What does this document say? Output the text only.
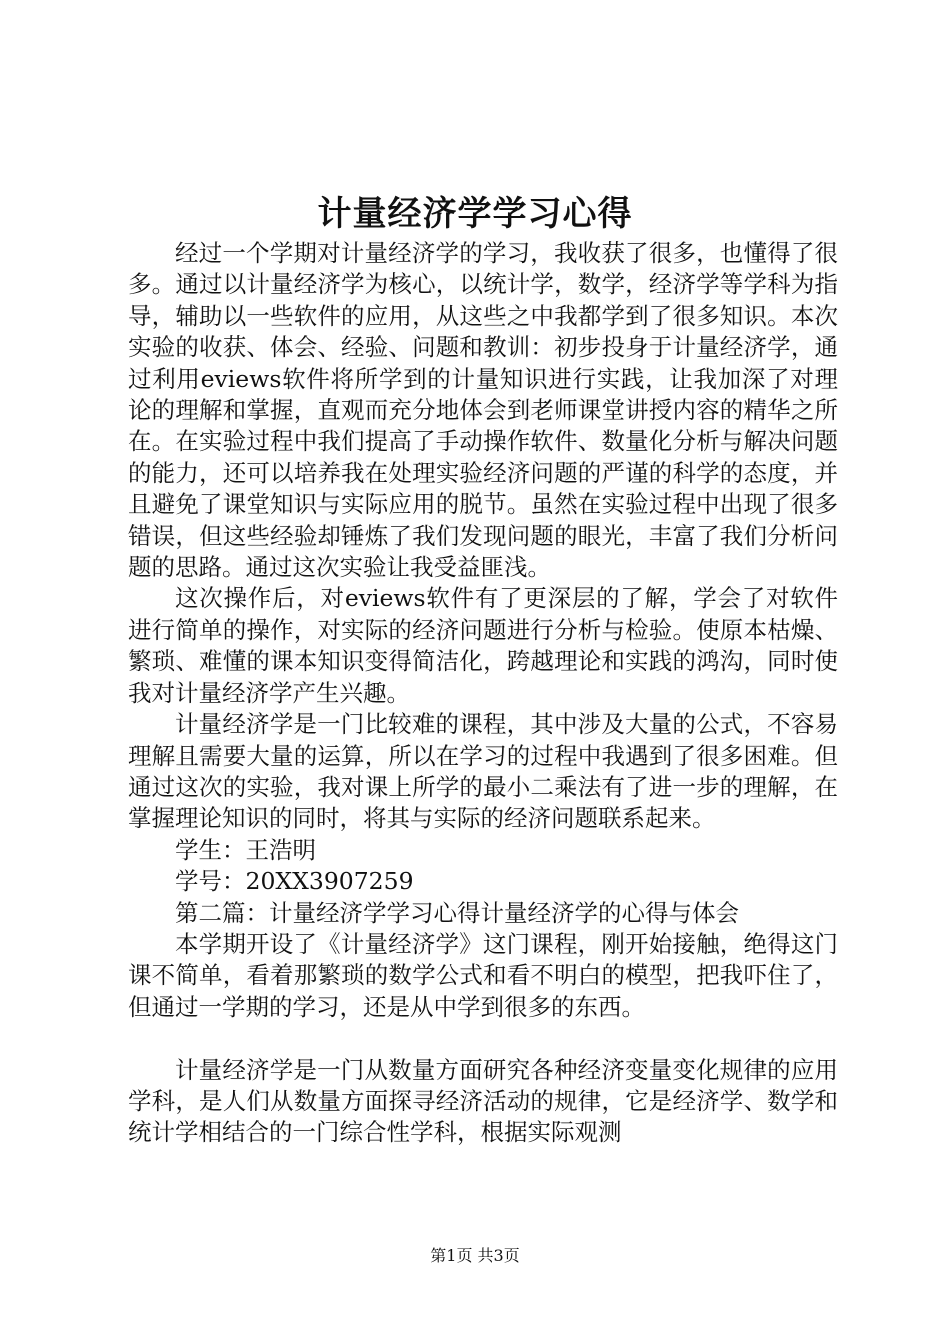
计量经济学学习心得

经过一个学期对计量经济学的学习，我收获了很多，也懂得了很多。通过以计量经济学为核心，以统计学，数学，经济学等学科为指导，辅助以一些软件的应用，从这些之中我都学到了很多知识。本次实验的收获、体会、经验、问题和教训：初步投身于计量经济学，通过利用eviews软件将所学到的计量知识进行实践，让我加深了对理论的理解和掌握，直观而充分地体会到老师课堂讲授内容的精华之所在。在实验过程中我们提高了手动操作软件、数量化分析与解决问题的能力，还可以培养我在处理实验经济问题的严谨的科学的态度，并且避免了课堂知识与实际应用的脱节。虽然在实验过程中出现了很多错误，但这些经验却锤炼了我们发现问题的眼光，丰富了我们分析问题的思路。通过这次实验让我受益匪浅。

这次操作后，对eviews软件有了更深层的了解，学会了对软件进行简单的操作，对实际的经济问题进行分析与检验。使原本枯燥、繁琐、难懂的课本知识变得简洁化，跨越理论和实践的鸿沟，同时使我对计量经济学产生兴趣。

计量经济学是一门比较难的课程，其中涉及大量的公式，不容易理解且需要大量的运算，所以在学习的过程中我遇到了很多困难。但通过这次的实验，我对课上所学的最小二乘法有了进一步的理解，在掌握理论知识的同时，将其与实际的经济问题联系起来。

学生：王浩明

学号：20XX3907259

第二篇：计量经济学学习心得计量经济学的心得与体会

本学期开设了《计量经济学》这门课程，刚开始接触，绝得这门课不简单，看着那繁琐的数学公式和看不明白的模型，把我吓住了，但通过一学期的学习，还是从中学到很多的东西。

计量经济学是一门从数量方面研究各种经济变量变化规律的应用学科，是人们从数量方面探寻经济活动的规律，它是经济学、数学和统计学相结合的一门综合性学科，根据实际观测

第1页 共3页
